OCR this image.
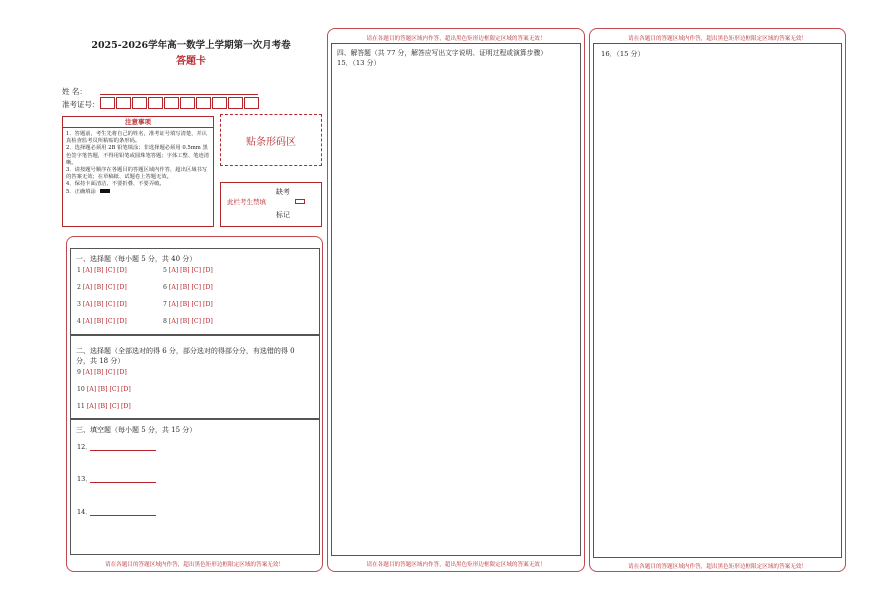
2025-2026学年高一数学上学期第一次月考卷
答题卡
姓 名：
准考证号：
注意事项

1．答题前，考生先将自己的姓名，准考证号填写清楚，并认真检查监考员所粘贴的条形码。

2．选择题必须用 2B 铅笔填涂；非选择题必须用 0.5mm 黑色签字笔答题，不得用铅笔或圆珠笔答题；字体工整、笔迹清晰。

3．请按题号顺序在各题目的答题区域内作答，超出区域书写的答案无效；在草稿纸、试题卷上答题无效。

4．保持卡面清洁，不要折叠、不要弄破。

5．正确填涂

贴条形码区
此栏考生禁填
缺考
标记
一、选择题（每小题 5 分，共 40 分）
1 [A] [B] [C] [D]	5 [A] [B] [C] [D]
2 [A] [B] [C] [D]	6 [A] [B] [C] [D]
3 [A] [B] [C] [D]	7 [A] [B] [C] [D]
4 [A] [B] [C] [D]	8 [A] [B] [C] [D]
二、选择题（全部选对的得 6 分，部分选对的得部分分，有选错的得 0
分，共 18 分）
9 [A] [B] [C] [D]
10 [A] [B] [C] [D]
11 [A] [B] [C] [D]
三、填空题（每小题 5 分，共 15 分）
12．
13．
14．
请在各题目的答题区域内作答，超出黑色矩形边框限定区域的答案无效！
请在各题目的答题区域内作答，超出黑色矩形边框限定区域的答案无效！
四、解答题（共 77 分，解答应写出文字说明、证明过程或演算步骤）
15．（13 分）
请在各题目的答题区域内作答，超出黑色矩形边框限定区域的答案无效！
请在各题目的答题区域内作答，超出黑色矩形边框限定区域的答案无效！
16．（15 分）
请在各题目的答题区域内作答，超出黑色矩形边框限定区域的答案无效！
